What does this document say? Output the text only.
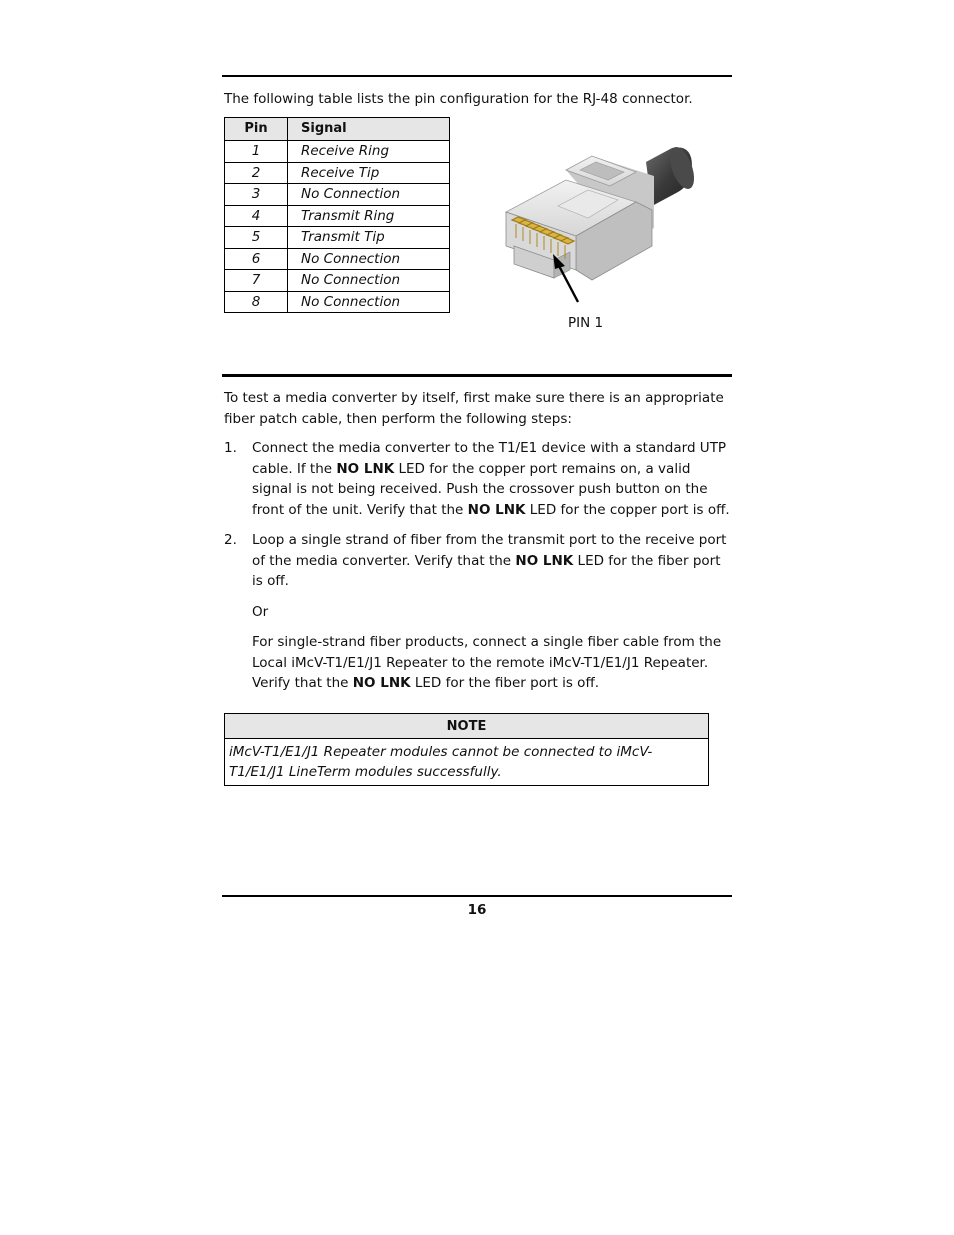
The following table lists the pin configuration for the RJ-48 connector.

Pin	Signal
1	Receive Ring
2	Receive Tip
3	No Connection
4	Transmit Ring
5	Transmit Tip
6	No Connection
7	No Connection
8	No Connection
PIN 1

To test a media converter by itself, first make sure there is an appropriate fiber patch cable, then perform the following steps:

1. Connect the media converter to the T1/E1 device with a standard UTP cable. If the NO LNK LED for the copper port remains on, a valid signal is not being received. Push the crossover push button on the front of the unit. Verify that the NO LNK LED for the copper port is off.
2. Loop a single strand of fiber from the transmit port to the receive port of the media converter. Verify that the NO LNK LED for the fiber port is off.
Or
For single-strand fiber products, connect a single fiber cable from the Local iMcV-T1/E1/J1 Repeater to the remote iMcV-T1/E1/J1 Repeater. Verify that the NO LNK LED for the fiber port is off.
NOTE
iMcV-T1/E1/J1 Repeater modules cannot be connected to iMcV-T1/E1/J1 LineTerm modules successfully.
16
